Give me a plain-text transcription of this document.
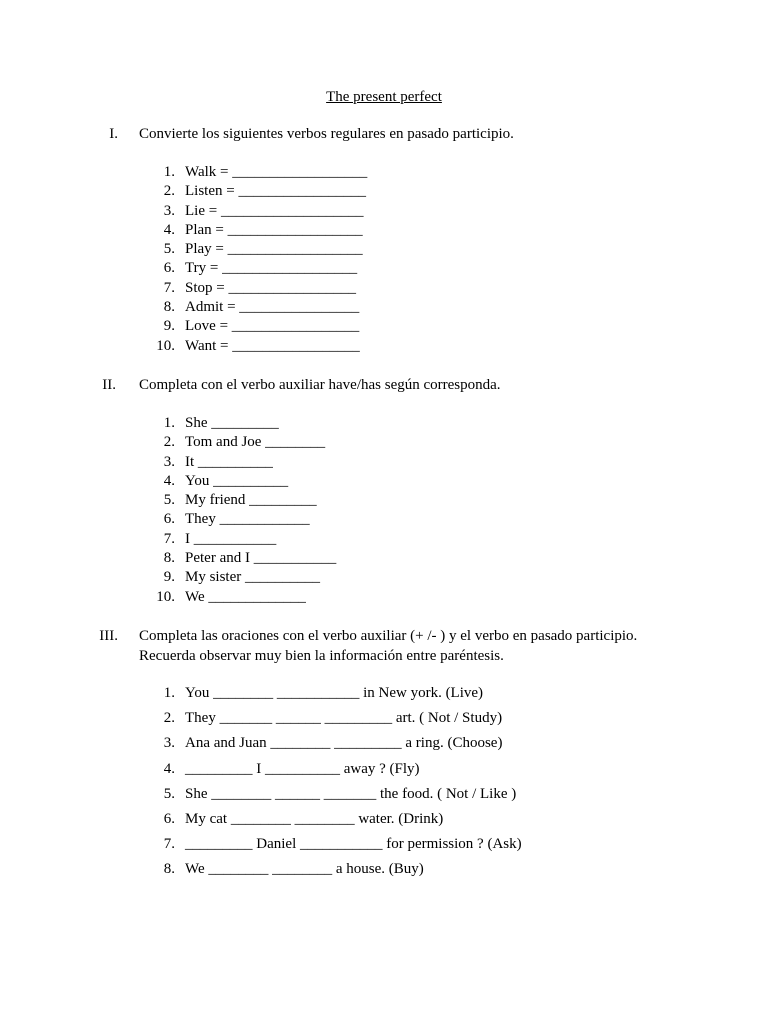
The present perfect
I. Convierte los siguientes verbos regulares en pasado participio.
1. Walk = __________________
2. Listen = _________________
3. Lie = ___________________
4. Plan = __________________
5. Play = __________________
6. Try = __________________
7. Stop = _________________
8. Admit = ________________
9. Love = _________________
10. Want = _________________
II. Completa con el verbo auxiliar have/has según corresponda.
1. She _________
2. Tom and Joe ________
3. It __________
4. You __________
5. My friend _________
6. They ____________
7. I ___________
8. Peter and I ___________
9. My sister __________
10. We _____________
III. Completa las oraciones con el verbo auxiliar (+ /- ) y el verbo en pasado participio.
Recuerda observar muy bien la información entre paréntesis.
1. You ________ ___________ in New york. (Live)
2. They _______ ______ _________ art. ( Not / Study)
3. Ana and Juan ________ _________ a ring. (Choose)
4. _________ I __________ away ? (Fly)
5. She ________ ______ _______ the food. ( Not / Like )
6. My cat ________ ________ water. (Drink)
7. _________ Daniel ___________ for permission ? (Ask)
8. We ________ ________ a house. (Buy)
